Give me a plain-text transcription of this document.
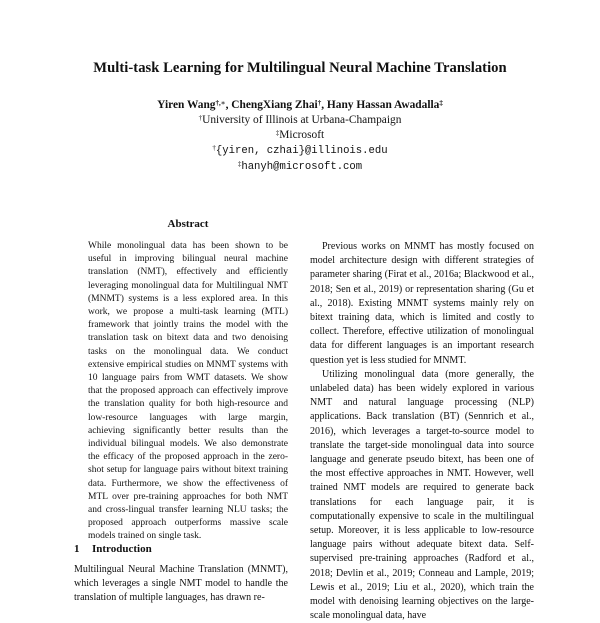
Multi-task Learning for Multilingual Neural Machine Translation
Yiren Wang†,∗, ChengXiang Zhai†, Hany Hassan Awadalla‡
†University of Illinois at Urbana-Champaign
‡Microsoft
†{yiren, czhai}@illinois.edu
‡hanyh@microsoft.com
Abstract

While monolingual data has been shown to be useful in improving bilingual neural machine translation (NMT), effectively and efficiently leveraging monolingual data for Multilingual NMT (MNMT) systems is a less explored area. In this work, we propose a multi-task learning (MTL) framework that jointly trains the model with the translation task on bitext data and two denoising tasks on the monolingual data. We conduct extensive empirical studies on MNMT systems with 10 language pairs from WMT datasets. We show that the proposed approach can effectively improve the translation quality for both high-resource and low-resource languages with large margin, achieving significantly better results than the individual bilingual models. We also demonstrate the efficacy of the proposed approach in the zero-shot setup for language pairs without bitext training data. Furthermore, we show the effectiveness of MTL over pre-training approaches for both NMT and cross-lingual transfer learning NLU tasks; the proposed approach outperforms massive scale models trained on single task.

1 Introduction

Multilingual Neural Machine Translation (MNMT), which leverages a single NMT model to handle the translation of multiple languages, has drawn re-

Previous works on MNMT has mostly focused on model architecture design with different strategies of parameter sharing (Firat et al., 2016a; Blackwood et al., 2018; Sen et al., 2019) or representation sharing (Gu et al., 2018). Existing MNMT systems mainly rely on bitext training data, which is limited and costly to collect. Therefore, effective utilization of monolingual data for different languages is an important research question yet is less studied for MNMT.

Utilizing monolingual data (more generally, the unlabeled data) has been widely explored in various NMT and natural language processing (NLP) applications. Back translation (BT) (Sennrich et al., 2016), which leverages a target-to-source model to translate the target-side monolingual data into source language and generate pseudo bitext, has been one of the most effective approaches in NMT. However, well trained NMT models are required to generate back translations for each language pair, it is computationally expensive to scale in the multilingual setup. Moreover, it is less applicable to low-resource language pairs without adequate bitext data. Self-supervised pre-training approaches (Radford et al., 2018; Devlin et al., 2019; Conneau and Lample, 2019; Lewis et al., 2019; Liu et al., 2020), which train the model with denoising learning objectives on the large-scale monolingual data, have
